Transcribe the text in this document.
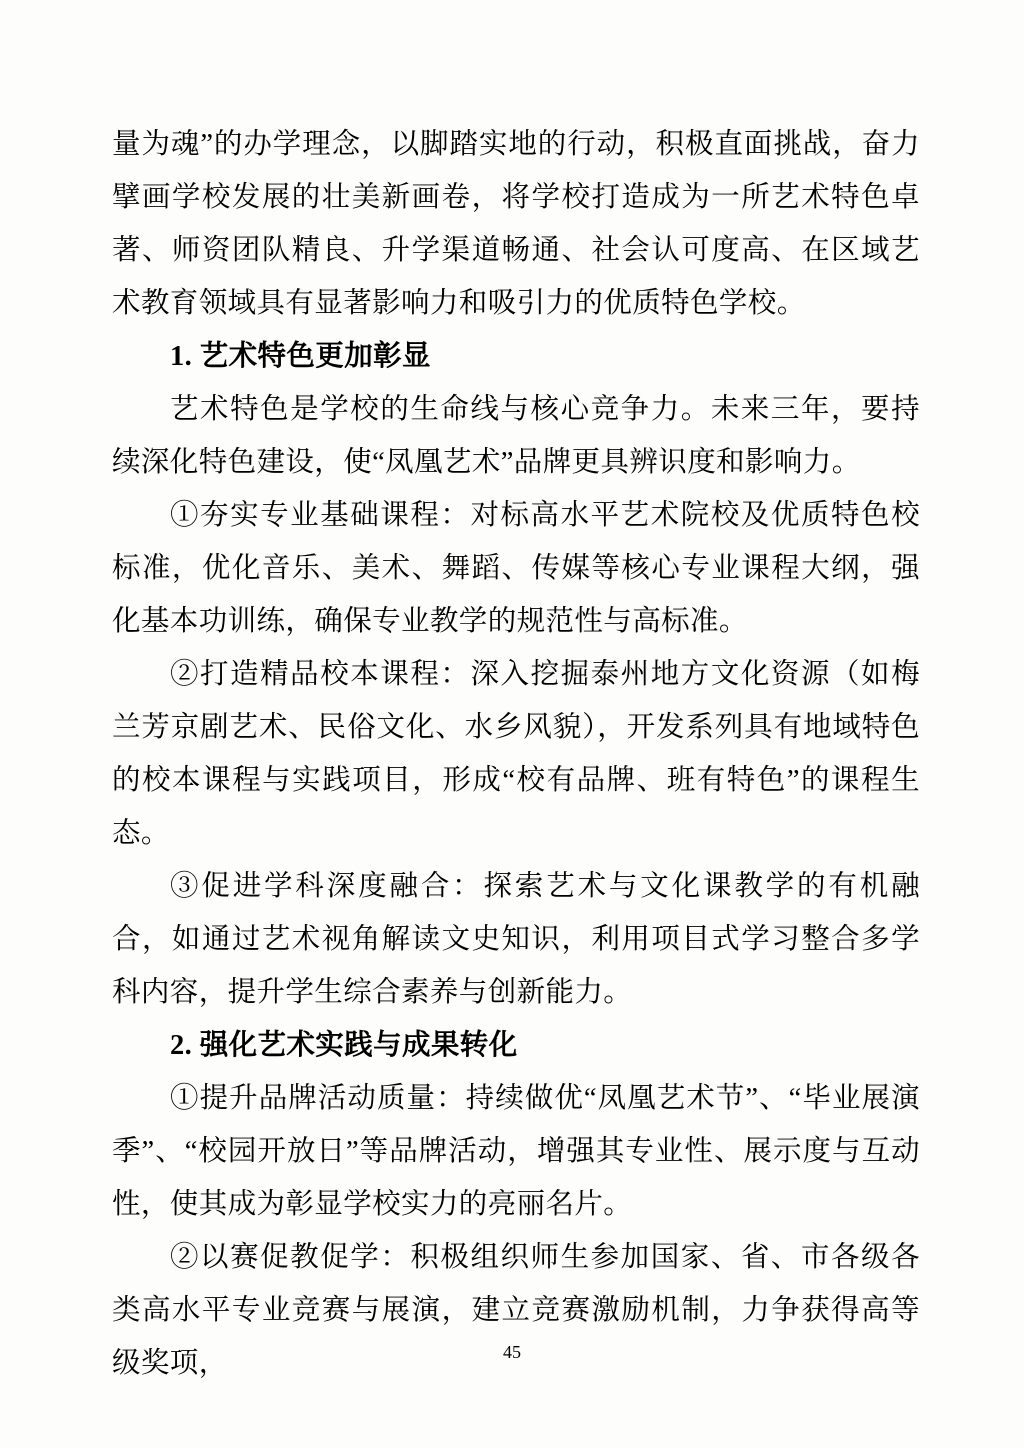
量为魂”的办学理念，以脚踏实地的行动，积极直面挑战，奋力擘画学校发展的壮美新画卷，将学校打造成为一所艺术特色卓著、师资团队精良、升学渠道畅通、社会认可度高、在区域艺术教育领域具有显著影响力和吸引力的优质特色学校。

1. 艺术特色更加彰显

艺术特色是学校的生命线与核心竞争力。未来三年，要持续深化特色建设，使“凤凰艺术”品牌更具辨识度和影响力。

①夯实专业基础课程：对标高水平艺术院校及优质特色校标准，优化音乐、美术、舞蹈、传媒等核心专业课程大纲，强化基本功训练，确保专业教学的规范性与高标准。

②打造精品校本课程：深入挖掘泰州地方文化资源（如梅兰芳京剧艺术、民俗文化、水乡风貌），开发系列具有地域特色的校本课程与实践项目，形成“校有品牌、班有特色”的课程生态。

③促进学科深度融合：探索艺术与文化课教学的有机融合，如通过艺术视角解读文史知识，利用项目式学习整合多学科内容，提升学生综合素养与创新能力。

2. 强化艺术实践与成果转化

①提升品牌活动质量：持续做优“凤凰艺术节”、“毕业展演季”、“校园开放日”等品牌活动，增强其专业性、展示度与互动性，使其成为彰显学校实力的亮丽名片。

②以赛促教促学：积极组织师生参加国家、省、市各级各类高水平专业竞赛与展演，建立竞赛激励机制，力争获得高等级奖项，	45
